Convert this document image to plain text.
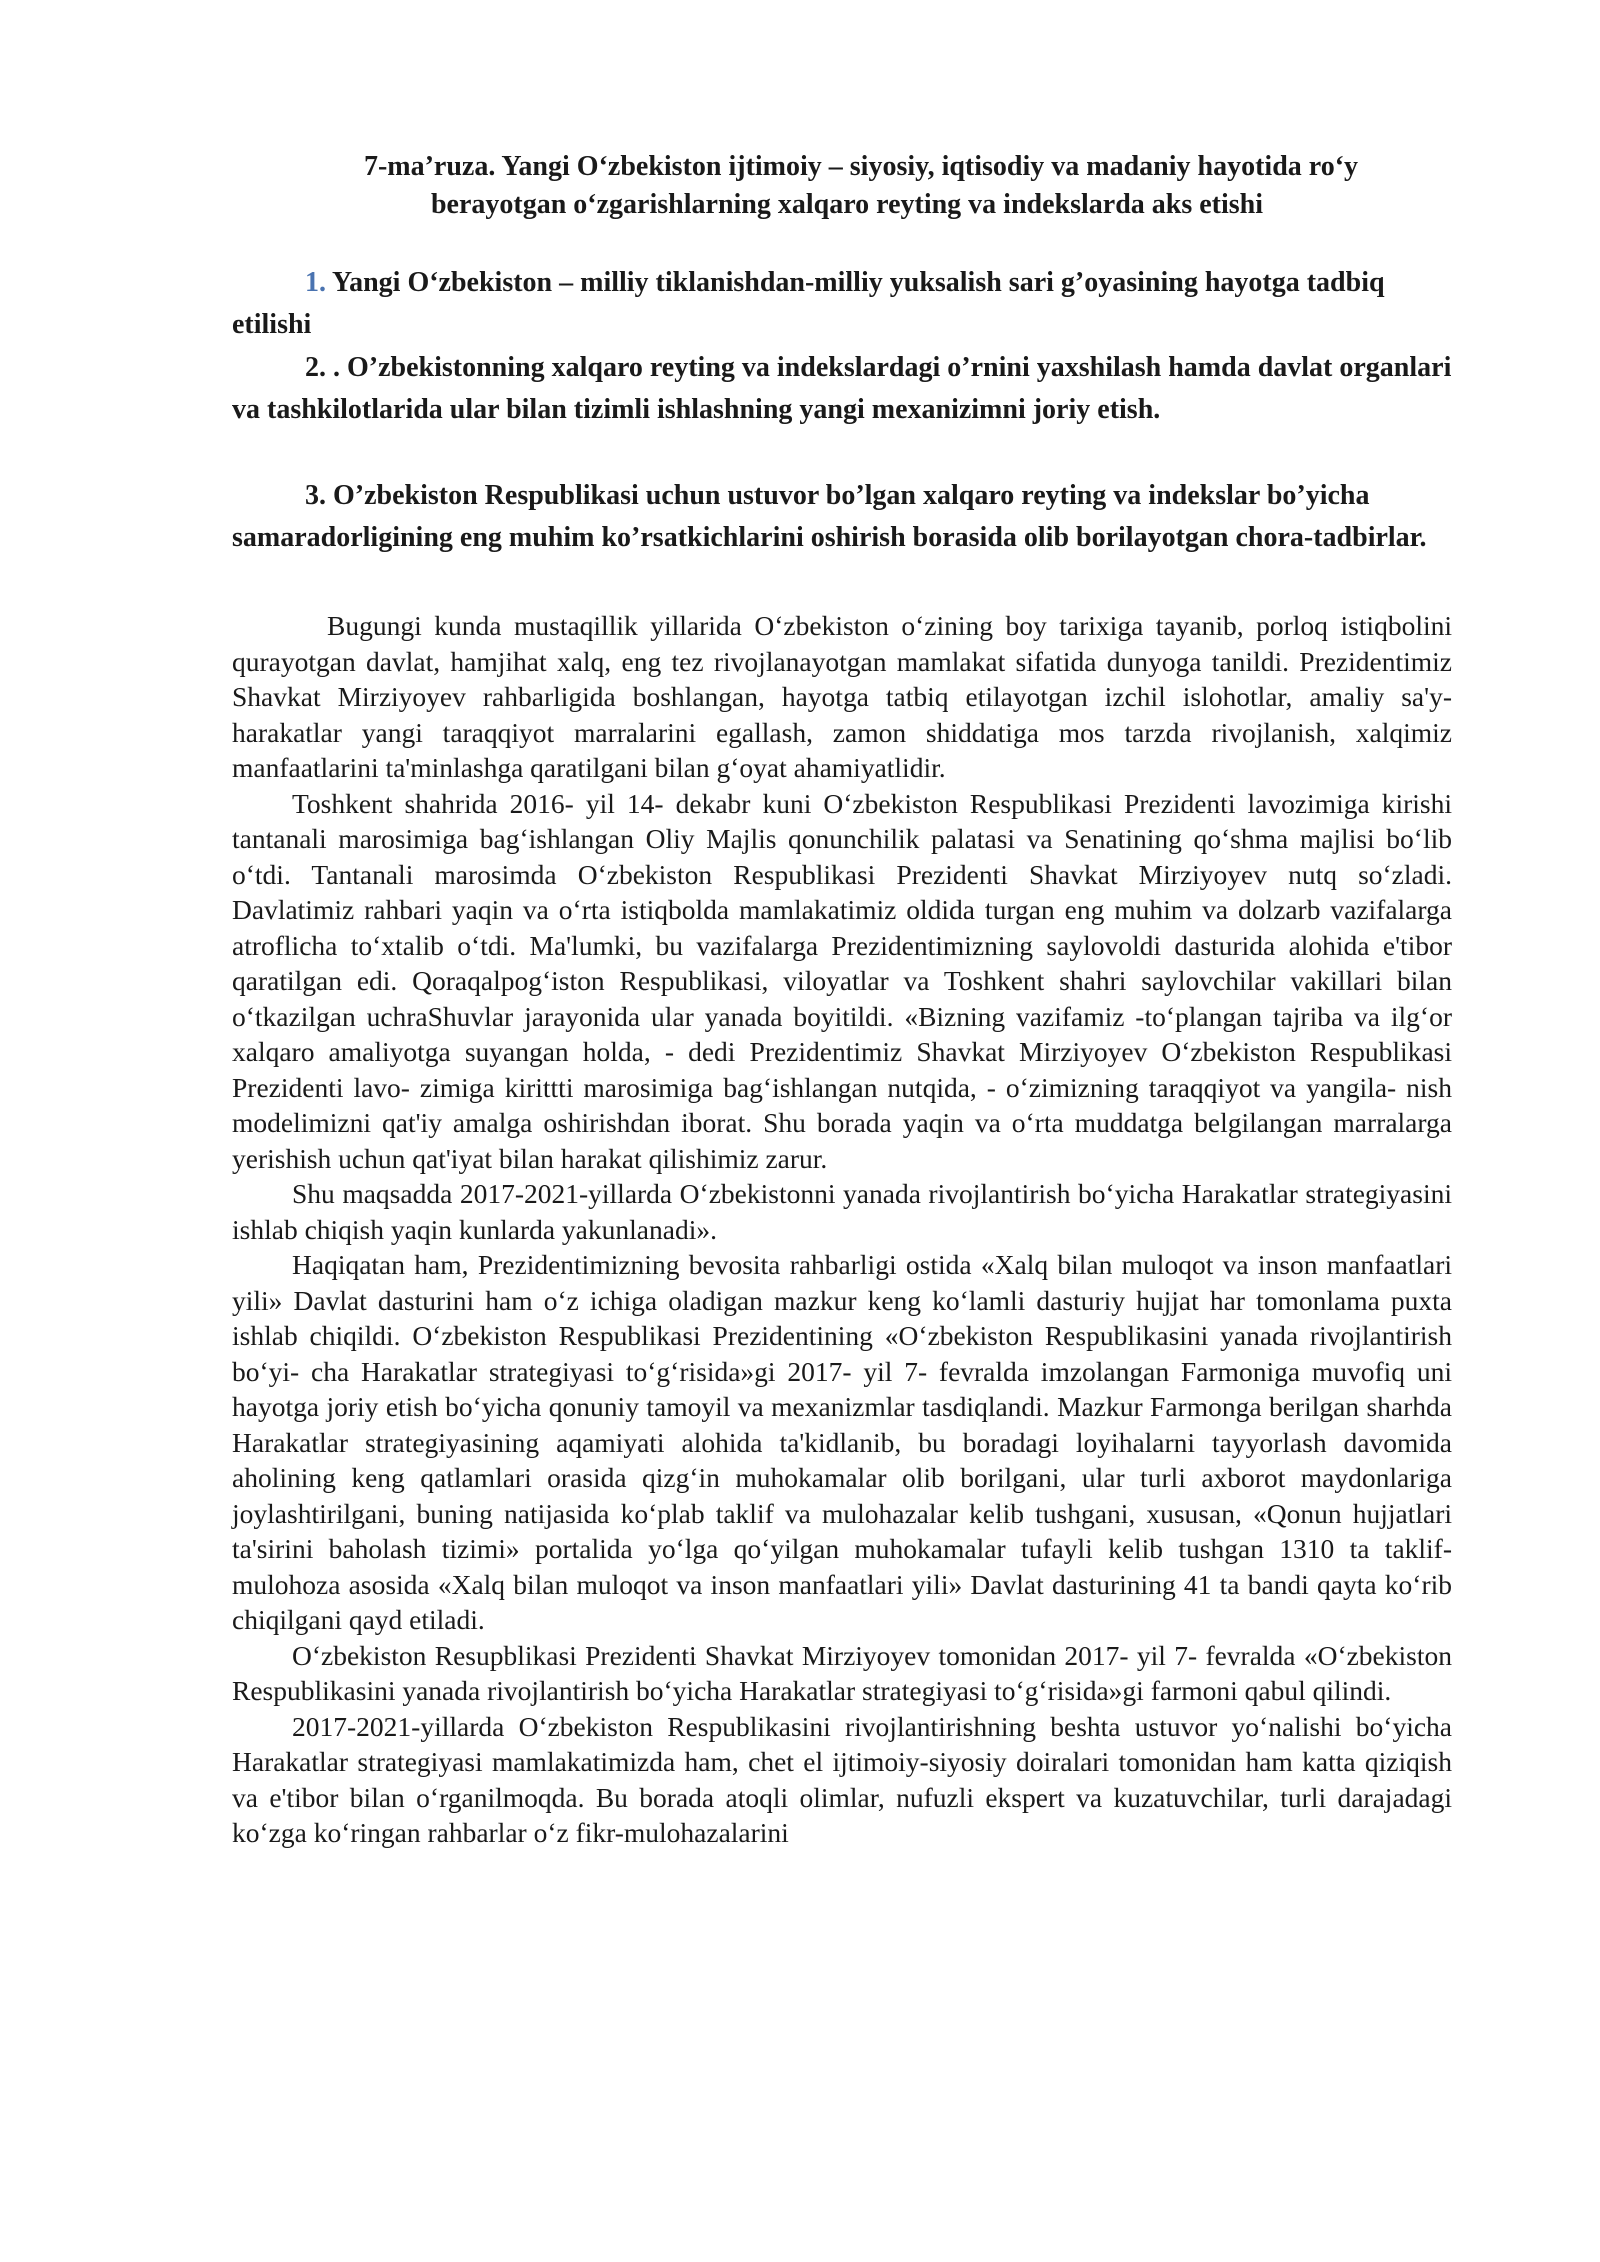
7-ma’ruza. Yangi O‘zbekiston ijtimoiy – siyosiy, iqtisodiy va madaniy hayotida ro‘y
berayotgan o‘zgarishlarning xalqaro reyting va indekslarda aks etishi
1. Yangi O‘zbekiston – milliy tiklanishdan-milliy yuksalish sari g’oyasining hayotga tadbiq etilishi
2. . O’zbekistonning xalqaro reyting va indekslardagi o’rnini yaxshilash hamda davlat organlari va tashkilotlarida ular bilan tizimli ishlashning yangi mexanizimni joriy etish.
3. O’zbekiston Respublikasi uchun ustuvor bo’lgan xalqaro reyting va indekslar bo’yicha samaradorligining eng muhim ko’rsatkichlarini oshirish borasida olib borilayotgan chora-tadbirlar.

Bugungi kunda mustaqillik yillarida O‘zbekiston o‘zining boy tarixiga tayanib, porloq istiqbolini qurayotgan davlat, hamjihat xalq, eng tez rivojlanayotgan mamlakat sifatida dunyoga tanildi. Prezidentimiz Shavkat Mirziyoyev rahbarligida boshlangan, hayotga tatbiq etilayotgan izchil islohotlar, amaliy sa'y-harakatlar yangi taraqqiyot marralarini egallash, zamon shiddatiga mos tarzda rivojlanish, xalqimiz manfaatlarini ta'minlashga qaratilgani bilan g‘oyat ahamiyatlidir.

Toshkent shahrida 2016- yil 14- dekabr kuni O‘zbekiston Respublikasi Prezidenti lavozimiga kirishi tantanali marosimiga bag‘ishlangan Oliy Majlis qonunchilik palatasi va Senatining qo‘shma majlisi bo‘lib o‘tdi. Tantanali marosimda O‘zbekiston Respublikasi Prezidenti Shavkat Mirziyoyev nutq so‘zladi. Davlatimiz rahbari yaqin va o‘rta istiqbolda mamlakatimiz oldida turgan eng muhim va dolzarb vazifalarga atroflicha to‘xtalib o‘tdi. Ma'lumki, bu vazifalarga Prezidentimizning saylovoldi dasturida alohida e'tibor qaratilgan edi. Qoraqalpog‘iston Respublikasi, viloyatlar va Toshkent shahri saylovchilar vakillari bilan o‘tkazilgan uchraShuvlar jarayonida ular yanada boyitildi. «Bizning vazifamiz -to‘plangan tajriba va ilg‘or xalqaro amaliyotga suyangan holda, - dedi Prezidentimiz Shavkat Mirziyoyev O‘zbekiston Respublikasi Prezidenti lavo- zimiga kirittti marosimiga bag‘ishlangan nutqida, - o‘zimizning taraqqiyot va yangila- nish modelimizni qat'iy amalga oshirishdan iborat. Shu borada yaqin va o‘rta muddatga belgilangan marralarga yerishish uchun qat'iyat bilan harakat qilishimiz zarur.

Shu maqsadda 2017-2021-yillarda O‘zbekistonni yanada rivojlantirish bo‘yicha Harakatlar strategiyasini ishlab chiqish yaqin kunlarda yakunlanadi».

Haqiqatan ham, Prezidentimizning bevosita rahbarligi ostida «Xalq bilan muloqot va inson manfaatlari yili» Davlat dasturini ham o‘z ichiga oladigan mazkur keng ko‘lamli dasturiy hujjat har tomonlama puxta ishlab chiqildi. O‘zbekiston Respublikasi Prezidentining «O‘zbekiston Respublikasini yanada rivojlantirish bo‘yi- cha Harakatlar strategiyasi to‘g‘risida»gi 2017- yil 7- fevralda imzolangan Farmoniga muvofiq uni hayotga joriy etish bo‘yicha qonuniy tamoyil va mexanizmlar tasdiqlandi. Mazkur Farmonga berilgan sharhda Harakatlar strategiyasining aqamiyati alohida ta'kidlanib, bu boradagi loyihalarni tayyorlash davomida aholining keng qatlamlari orasida qizg‘in muhokamalar olib borilgani, ular turli axborot maydonlariga joylashtirilgani, buning natijasida ko‘plab taklif va mulohazalar kelib tushgani, xususan, «Qonun hujjatlari ta'sirini baholash tizimi» portalida yo‘lga qo‘yilgan muhokamalar tufayli kelib tushgan 1310 ta taklif-mulohoza asosida «Xalq bilan muloqot va inson manfaatlari yili» Davlat dasturining 41 ta bandi qayta ko‘rib chiqilgani qayd etiladi.

O‘zbekiston Resupblikasi Prezidenti Shavkat Mirziyoyev tomonidan 2017- yil 7- fevralda «O‘zbekiston Respublikasini yanada rivojlantirish bo‘yicha Harakatlar strategiyasi to‘g‘risida»gi farmoni qabul qilindi.

2017-2021-yillarda O‘zbekiston Respublikasini rivojlantirishning beshta ustuvor yo‘nalishi bo‘yicha Harakatlar strategiyasi mamlakatimizda ham, chet el ijtimoiy-siyosiy doiralari tomonidan ham katta qiziqish va e'tibor bilan o‘rganilmoqda. Bu borada atoqli olimlar, nufuzli ekspert va kuzatuvchilar, turli darajadagi ko‘zga ko‘ringan rahbarlar o‘z fikr-mulohazalarini
